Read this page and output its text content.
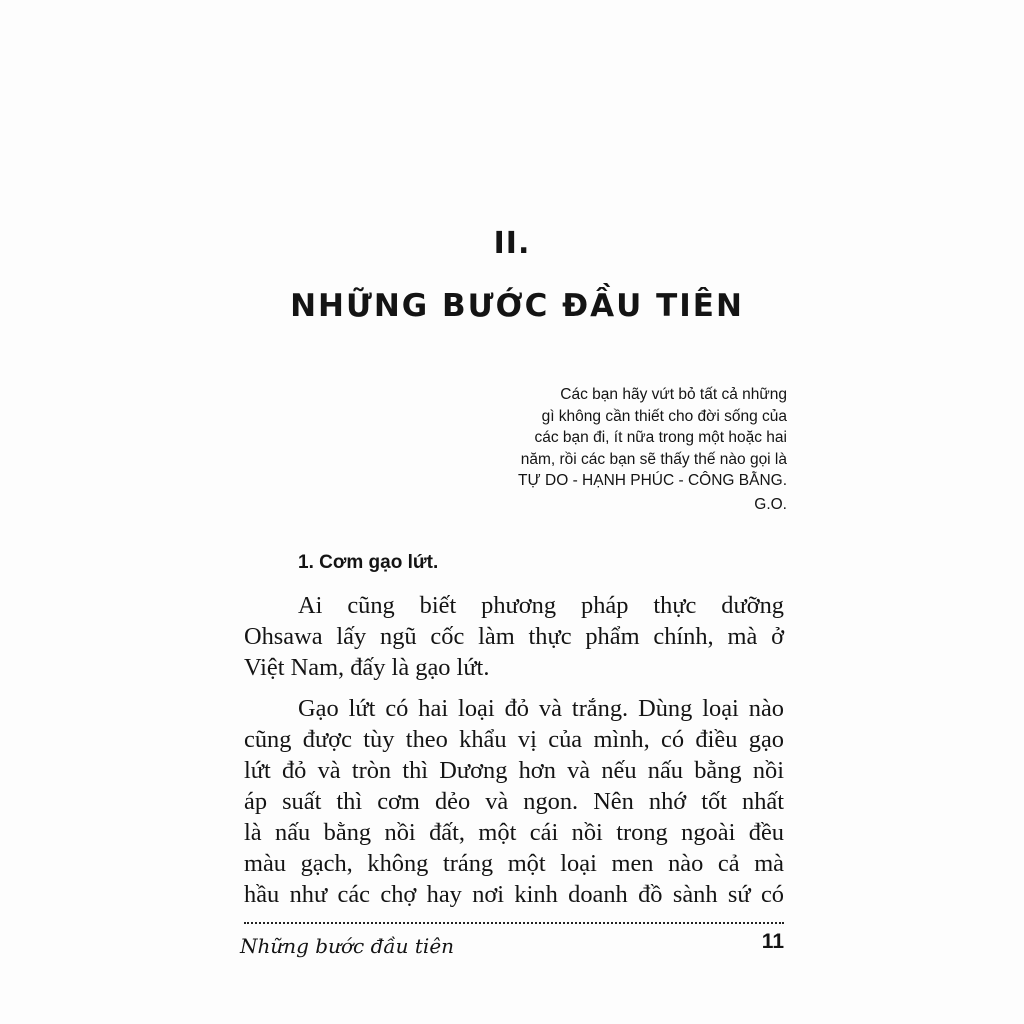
II.
NHỮNG BƯỚC ĐẦU TIÊN
Các bạn hãy vứt bỏ tất cả những
gì không cần thiết cho đời sống của
các bạn đi, ít nữa trong một hoặc hai
năm, rồi các bạn sẽ thấy thế nào gọi là
TỰ DO - HẠNH PHÚC - CÔNG BẰNG.
G.O.
1. Cơm gạo lứt.

Ai cũng biết phương pháp thực dưỡng
Ohsawa lấy ngũ cốc làm thực phẩm chính, mà ở
Việt Nam, đấy là gạo lứt.

Gạo lứt có hai loại đỏ và trắng. Dùng loại nào
cũng được tùy theo khẩu vị của mình, có điều gạo
lứt đỏ và tròn thì Dương hơn và nếu nấu bằng nồi
áp suất thì cơm dẻo và ngon. Nên nhớ tốt nhất
là nấu bằng nồi đất, một cái nồi trong ngoài đều
màu gạch, không tráng một loại men nào cả mà
hầu như các chợ hay nơi kinh doanh đồ sành sứ có

Những bước đầu tiên	11
